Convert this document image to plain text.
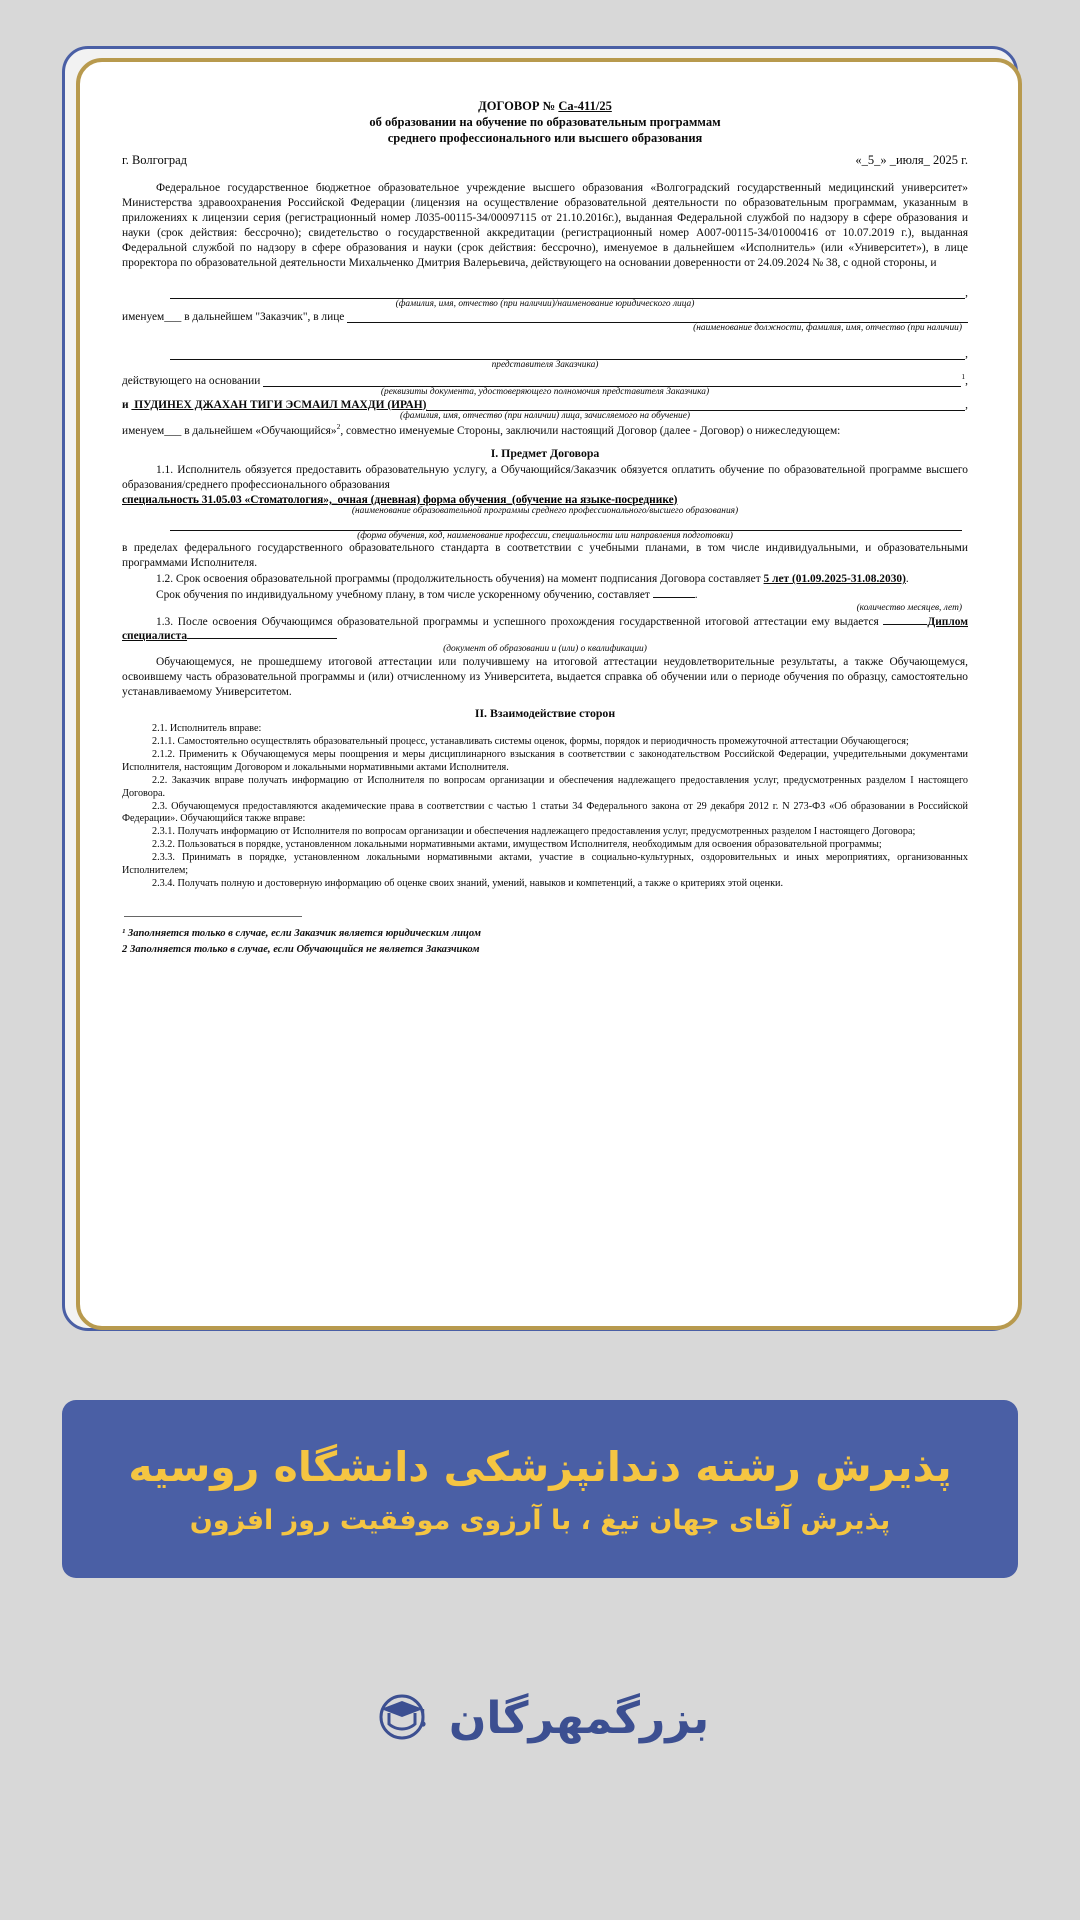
ДОГОВОР № Са-411/25
об образовании на обучение по образовательным программам
среднего профессионального или высшего образования
г. Волгоград	«_5_» _июля_ 2025 г.

Федеральное государственное бюджетное образовательное учреждение высшего образования «Волгоградский государственный медицинский университет» Министерства здравоохранения Российской Федерации (лицензия на осуществление образовательной деятельности по образовательным программам, указанным в приложениях к лицензии серия (регистрационный номер Л035-00115-34/00097115 от 21.10.2016г.), выданная Федеральной службой по надзору в сфере образования и науки (срок действия: бессрочно); свидетельство о государственной аккредитации (регистрационный номер А007-00115-34/01000416 от 10.07.2019 г.), выданная Федеральной службой по надзору в сфере образования и науки (срок действия: бессрочно), именуемое в дальнейшем «Исполнитель» (или «Университет»), в лице проректора по образовательной деятельности Михальченко Дмитрия Валерьевича, действующего на основании доверенности от 24.09.2024 № 38, с одной стороны, и

,
(фамилия, имя, отчество (при наличии)/наименование юридического лица)
именуем___ в дальнейшем "Заказчик", в лице
(наименование должности, фамилия, имя, отчество (при наличии)
,
представителя Заказчика)
действующего на основании	$^1$,
(реквизиты документа, удостоверяющего полномочия представителя Заказчика)
и ПУДИНЕХ ДЖАХАН ТИГИ ЭСМАИЛ МАХДИ (ИРАН)	,
(фамилия, имя, отчество (при наличии) лица, зачисляемого на обучение)

именуем___ в дальнейшем «Обучающийся»$^2$, совместно именуемые Стороны, заключили настоящий Договор (далее - Договор) о нижеследующем:

I. Предмет Договора

1.1. Исполнитель обязуется предоставить образовательную услугу, а Обучающийся/Заказчик обязуется оплатить обучение по образовательной программе высшего образования/среднего профессионального образования

специальность 31.05.03 «Стоматология»,_очная (дневная) форма обучения_(обучение на языке-посреднике)
(наименование образовательной программы среднего профессионального/высшего образования)
(форма обучения, код, наименование профессии, специальности или направления подготовки)

в пределах федерального государственного образовательного стандарта в соответствии с учебными планами, в том числе индивидуальными, и образовательными программами Исполнителя.

1.2. Срок освоения образовательной программы (продолжительность обучения) на момент подписания Договора составляет 5 лет (01.09.2025-31.08.2030).

Срок обучения по индивидуальному учебному плану, в том числе ускоренному обучению, составляет	.

(количество месяцев, лет)

1.3. После освоения Обучающимся образовательной программы и успешного прохождения государственной итоговой аттестации ему выдается	Диплом специалиста

(документ об образовании и (или) о квалификации)

Обучающемуся, не прошедшему итоговой аттестации или получившему на итоговой аттестации неудовлетворительные результаты, а также Обучающемуся, освоившему часть образовательной программы и (или) отчисленному из Университета, выдается справка об обучении или о периоде обучения по образцу, самостоятельно устанавливаемому Университетом.

II. Взаимодействие сторон

2.1. Исполнитель вправе:

2.1.1. Самостоятельно осуществлять образовательный процесс, устанавливать системы оценок, формы, порядок и периодичность промежуточной аттестации Обучающегося;

2.1.2. Применить к Обучающемуся меры поощрения и меры дисциплинарного взыскания в соответствии с законодательством Российской Федерации, учредительными документами Исполнителя, настоящим Договором и локальными нормативными актами Исполнителя.

2.2. Заказчик вправе получать информацию от Исполнителя по вопросам организации и обеспечения надлежащего предоставления услуг, предусмотренных разделом I настоящего Договора.

2.3. Обучающемуся предоставляются академические права в соответствии с частью 1 статьи 34 Федерального закона от 29 декабря 2012 г. N 273-ФЗ «Об образовании в Российской Федерации». Обучающийся также вправе:

2.3.1. Получать информацию от Исполнителя по вопросам организации и обеспечения надлежащего предоставления услуг, предусмотренных разделом I настоящего Договора;

2.3.2. Пользоваться в порядке, установленном локальными нормативными актами, имуществом Исполнителя, необходимым для освоения образовательной программы;

2.3.3. Принимать в порядке, установленном локальными нормативными актами, участие в социально-культурных, оздоровительных и иных мероприятиях, организованных Исполнителем;

2.3.4. Получать полную и достоверную информацию об оценке своих знаний, умений, навыков и компетенций, а также о критериях этой оценки.

¹ Заполняется только в случае, если Заказчик является юридическим лицом
2 Заполняется только в случае, если Обучающийся не является Заказчиком
پذیرش رشته دندانپزشکی دانشگاه روسیه
پذیرش آقای جهان تیغ ، با آرزوی موفقیت روز افزون
بزرگمهرگان
